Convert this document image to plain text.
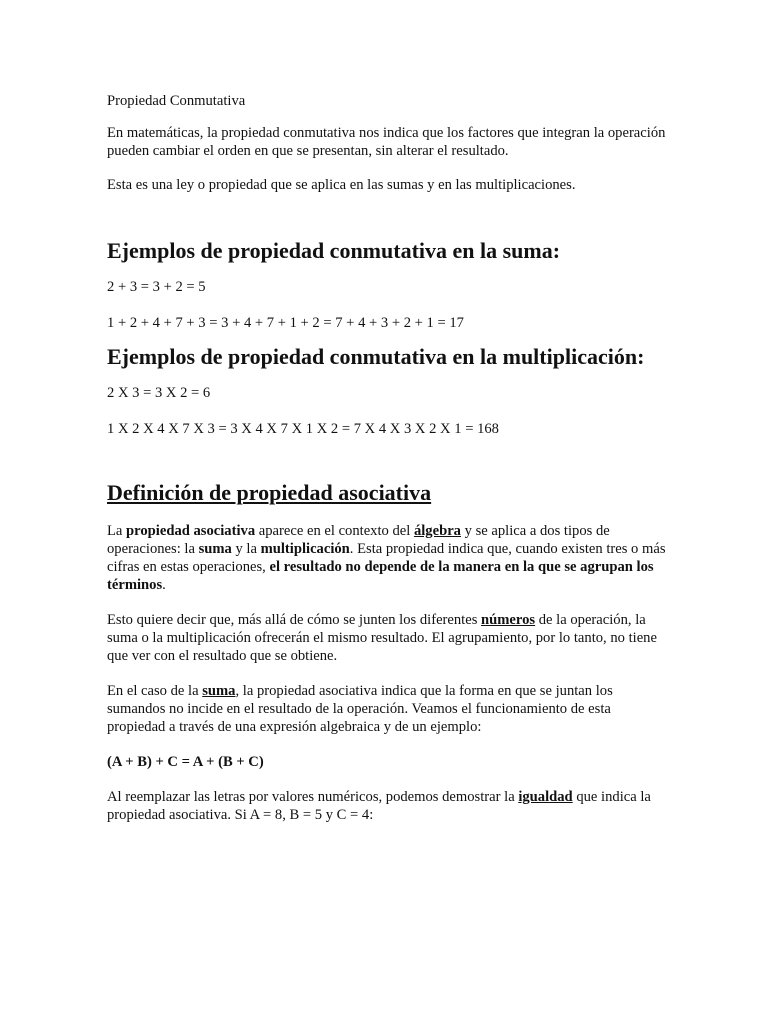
Propiedad Conmutativa

En matemáticas, la propiedad conmutativa nos indica que los factores que integran la operación pueden cambiar el orden en que se presentan, sin alterar el resultado.

Esta es una ley o propiedad que se aplica en las sumas y en las multiplicaciones.

Ejemplos de propiedad conmutativa en la suma:

2 + 3 = 3 + 2 = 5

1 + 2 + 4 + 7 + 3 = 3 + 4 + 7 + 1 + 2 = 7 + 4 + 3 + 2 + 1 = 17

Ejemplos de propiedad conmutativa en la multiplicación:

2 X 3 = 3 X 2 = 6

1 X 2 X 4 X 7 X 3 = 3 X 4 X 7 X 1 X 2 = 7 X 4 X 3 X 2 X 1 = 168

Definición de propiedad asociativa

La propiedad asociativa aparece en el contexto del álgebra y se aplica a dos tipos de operaciones: la suma y la multiplicación. Esta propiedad indica que, cuando existen tres o más cifras en estas operaciones, el resultado no depende de la manera en la que se agrupan los términos.

Esto quiere decir que, más allá de cómo se junten los diferentes números de la operación, la suma o la multiplicación ofrecerán el mismo resultado. El agrupamiento, por lo tanto, no tiene que ver con el resultado que se obtiene.

En el caso de la suma, la propiedad asociativa indica que la forma en que se juntan los sumandos no incide en el resultado de la operación. Veamos el funcionamiento de esta propiedad a través de una expresión algebraica y de un ejemplo:

(A + B) + C = A + (B + C)

Al reemplazar las letras por valores numéricos, podemos demostrar la igualdad que indica la propiedad asociativa. Si A = 8, B = 5 y C = 4:
